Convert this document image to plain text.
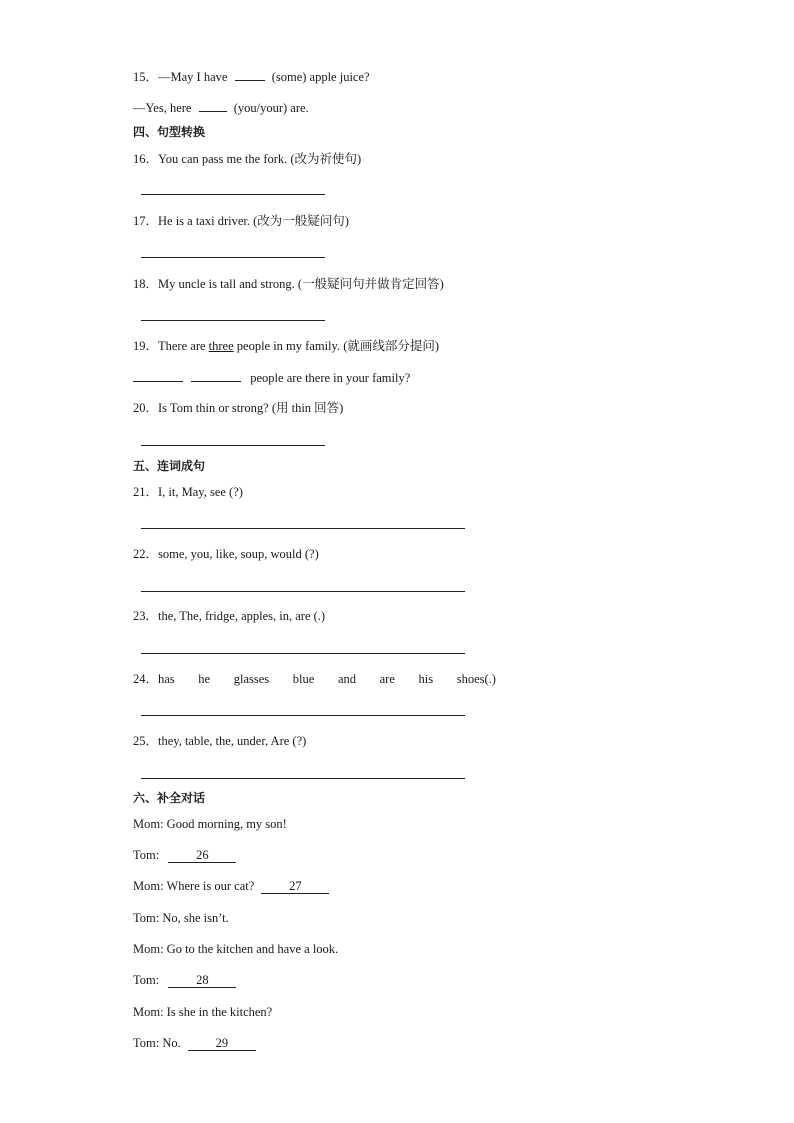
15．—May I have	(some) apple juice?
—Yes, here	(you/your) are.
四、句型转换
16．You can pass me the fork. (改为祈使句)
17．He is a taxi driver. (改为一般疑问句)
18．My uncle is tall and strong. (一般疑问句并做肯定回答)
19．There are three people in my family. (就画线部分提问)
people are there in your family?
20．Is Tom thin or strong? (用 thin 回答)
五、连词成句
21．I, it, May, see (?)
22．some, you, like, soup, would (?)
23．the, The, fridge, apples, in, are (.)
24．has he glasses blue and are his shoes(.)
25．they, table, the, under, Are (?)
六、补全对话
Mom: Good morning, my son!
Tom:	26
Mom: Where is our cat?	27
Tom: No, she isn’t.
Mom: Go to the kitchen and have a look.
Tom:	28
Mom: Is she in the kitchen?
Tom: No.	29
